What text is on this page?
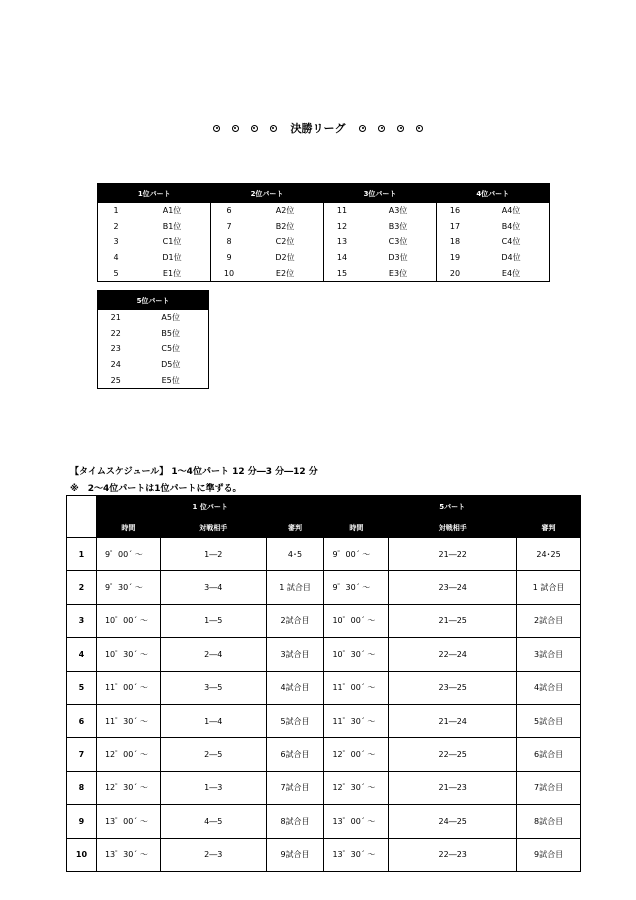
決勝リーグ
1位パート		2位パート		3位パート		4位パート	
1	A1位	6	A2位	11	A3位	16	A4位
2	B1位	7	B2位	12	B3位	17	B4位
3	C1位	8	C2位	13	C3位	18	C4位
4	D1位	9	D2位	14	D3位	19	D4位
5	E1位	10	E2位	15	E3位	20	E4位
5位パート	
21	A5位
22	B5位
23	C5位
24	D5位
25	E5位
【タイムスケジュール】 1～4位パート 12 分―3 分―12 分
※　2～4位パートは1位パートに準ずる。
	1 位パート			5パート		
	時間	対戦相手	審判	時間	対戦相手	審判
1	9゜00´ ～	1―2	4･5	9゜00´ ～	21―22	24･25
2	9゜30´ ～	3―4	1 試合目	9゜30´ ～	23―24	1 試合目
3	10゜00´ ～	1―5	2試合目	10゜00´ ～	21―25	2試合目
4	10゜30´ ～	2―4	3試合目	10゜30´ ～	22―24	3試合目
5	11゜00´ ～	3―5	4試合目	11゜00´ ～	23―25	4試合目
6	11゜30´ ～	1―4	5試合目	11゜30´ ～	21―24	5試合目
7	12゜00´ ～	2―5	6試合目	12゜00´ ～	22―25	6試合目
8	12゜30´ ～	1―3	7試合目	12゜30´ ～	21―23	7試合目
9	13゜00´ ～	4―5	8試合目	13゜00´ ～	24―25	8試合目
10	13゜30´ ～	2―3	9試合目	13゜30´ ～	22―23	9試合目
